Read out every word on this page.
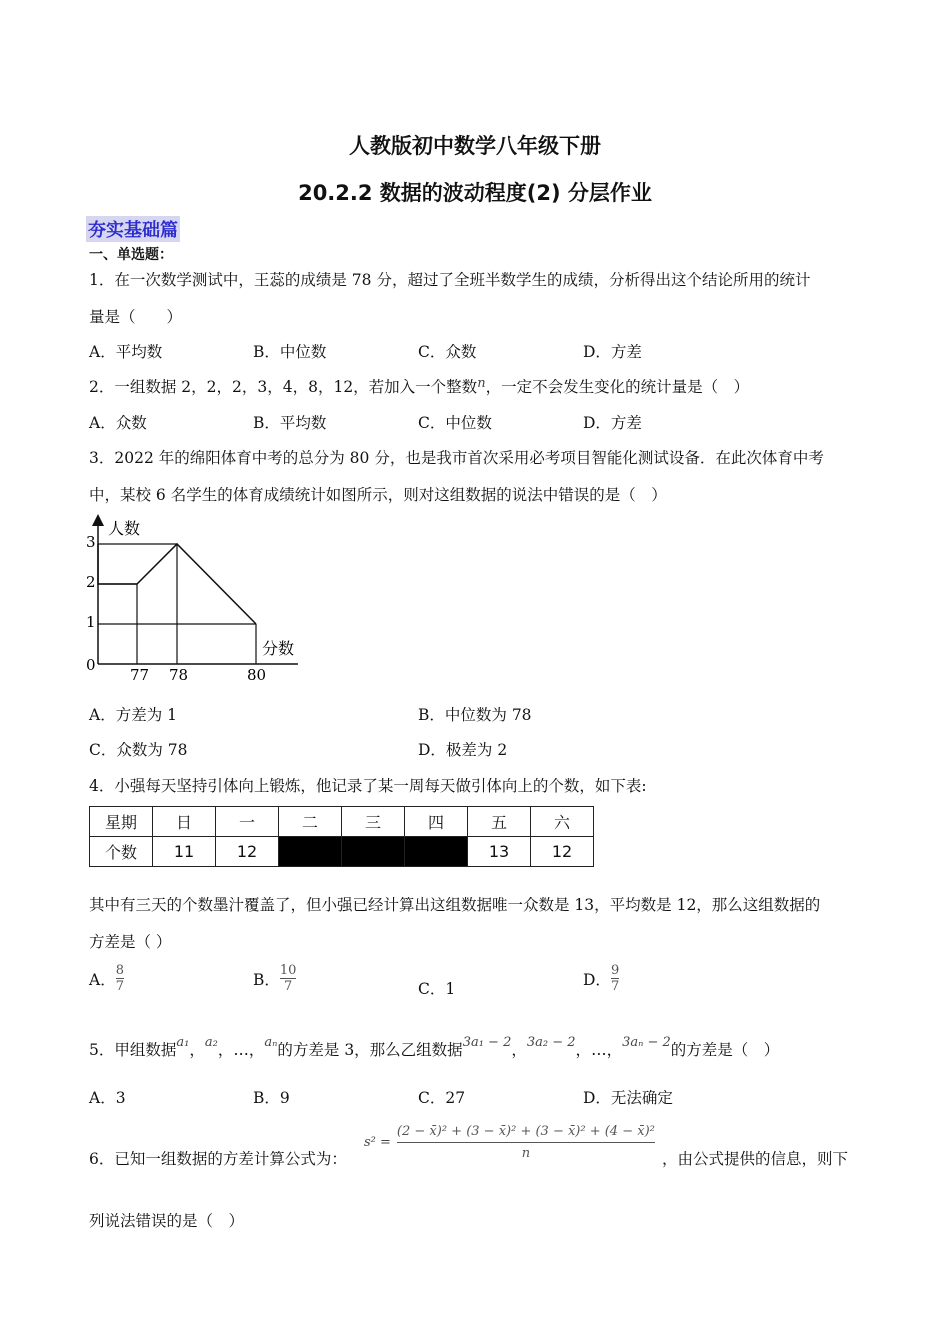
人教版初中数学八年级下册
20.2.2 数据的波动程度(2) 分层作业
夯实基础篇
一、单选题：
1．在一次数学测试中，王蕊的成绩是 78 分，超过了全班半数学生的成绩，分析得出这个结论所用的统计
量是（　　）
A．平均数	B．中位数	C．众数	D．方差
2．一组数据 2，2，2，3，4，8，12，若加入一个整数$^n$，一定不会发生变化的统计量是（　）
A．众数	B．平均数	C．中位数	D．方差
3．2022 年的绵阳体育中考的总分为 80 分，也是我市首次采用必考项目智能化测试设备．在此次体育中考
中，某校 6 名学生的体育成绩统计如图所示，则对这组数据的说法中错误的是（　）
人数
分数
0
1
2
3
77 78	80
A．方差为 1	B．中位数为 78
C．众数为 78	D．极差为 2
4．小强每天坚持引体向上锻炼，他记录了某一周每天做引体向上的个数，如下表:
星期	日	一	二	三	四	五	六
个数	11	12				13	12
其中有三天的个数墨汁覆盖了，但小强已经计算出这组数据唯一众数是 13，平均数是 12，那么这组数据的
方差是（ ）
A． $\frac{8}{7}$	B． $\frac{10}{7}$	C．1
D． $\frac{9}{7}$
5．甲组数据$^{a_1}$，$^{a_2}$，…，$^{a_n}$的方差是 3，那么乙组数据$^{3a_1 - 2}$，$^{3a_2 - 2}$，…，$^{3a_n - 2}$的方差是（　）
A．3	B．9	C．27	D．无法确定
6．已知一组数据的方差计算公式为：
$s^2 = \frac{\text{(2 − x̄)² + (3 − x̄)² + (3 − x̄)² + (4 − x̄)²}}{n}$ ，由公式提供的信息，则下
列说法错误的是（　）
